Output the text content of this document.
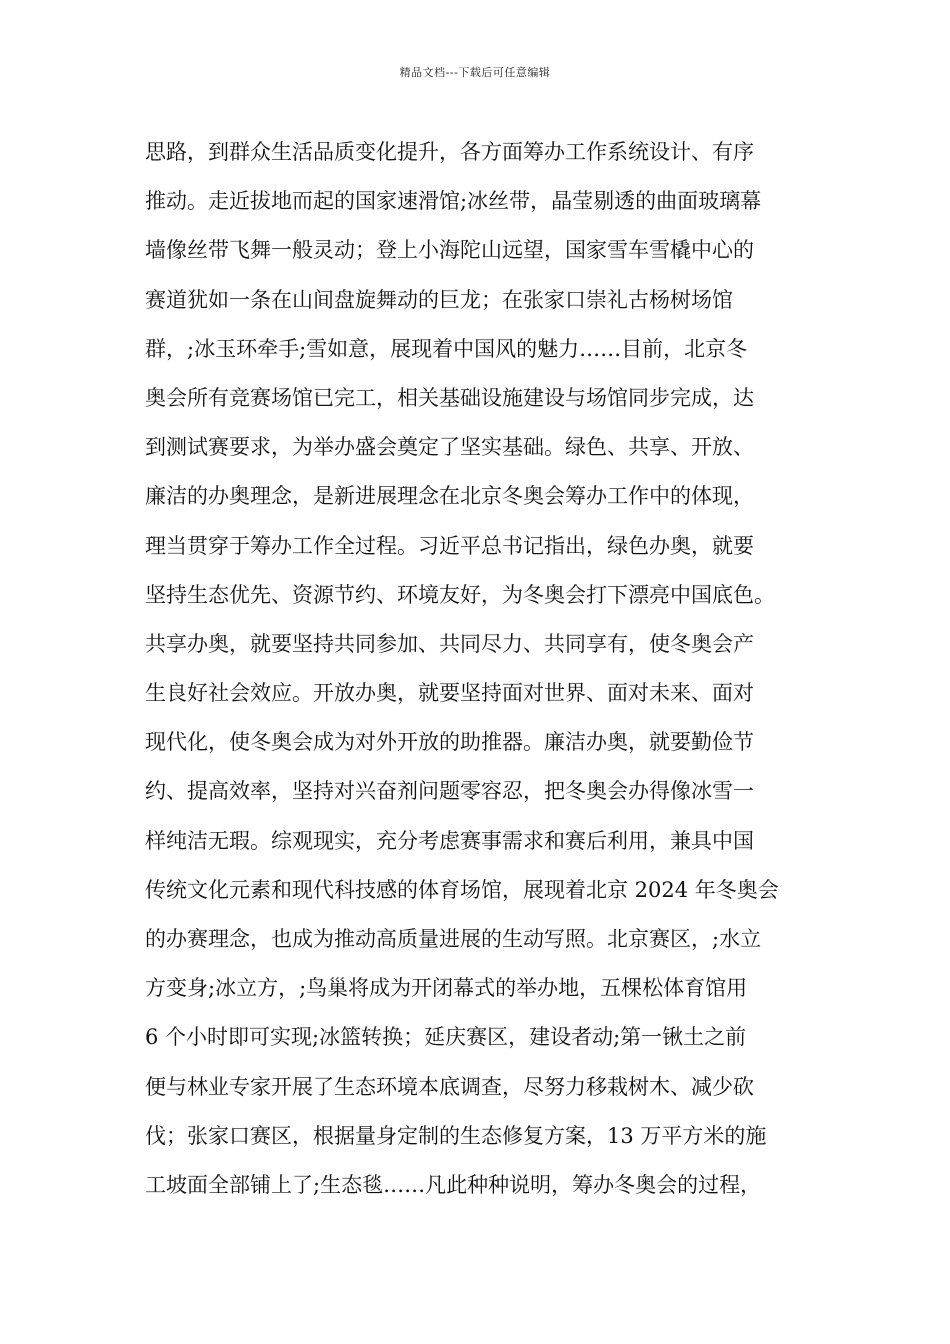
精品文档---下载后可任意编辑
思路，到群众生活品质变化提升，各方面筹办工作系统设计、有序
推动。走近拔地而起的国家速滑馆;冰丝带，晶莹剔透的曲面玻璃幕
墙像丝带飞舞一般灵动；登上小海陀山远望，国家雪车雪橇中心的
赛道犹如一条在山间盘旋舞动的巨龙；在张家口崇礼古杨树场馆
群，;冰玉环牵手;雪如意，展现着中国风的魅力……目前，北京冬
奥会所有竞赛场馆已完工，相关基础设施建设与场馆同步完成，达
到测试赛要求，为举办盛会奠定了坚实基础。绿色、共享、开放、
廉洁的办奥理念，是新进展理念在北京冬奥会筹办工作中的体现，
理当贯穿于筹办工作全过程。习近平总书记指出，绿色办奥，就要
坚持生态优先、资源节约、环境友好，为冬奥会打下漂亮中国底色。
共享办奥，就要坚持共同参加、共同尽力、共同享有，使冬奥会产
生良好社会效应。开放办奥，就要坚持面对世界、面对未来、面对
现代化，使冬奥会成为对外开放的助推器。廉洁办奥，就要勤俭节
约、提高效率，坚持对兴奋剂问题零容忍，把冬奥会办得像冰雪一
样纯洁无瑕。综观现实，充分考虑赛事需求和赛后利用，兼具中国
传统文化元素和现代科技感的体育场馆，展现着北京 2024 年冬奥会
的办赛理念，也成为推动高质量进展的生动写照。北京赛区，;水立
方变身;冰立方，;鸟巢将成为开闭幕式的举办地，五棵松体育馆用
6 个小时即可实现;冰篮转换；延庆赛区，建设者动;第一锹土之前
便与林业专家开展了生态环境本底调查，尽努力移栽树木、减少砍
伐；张家口赛区，根据量身定制的生态修复方案，13 万平方米的施
工坡面全部铺上了;生态毯……凡此种种说明，筹办冬奥会的过程，
